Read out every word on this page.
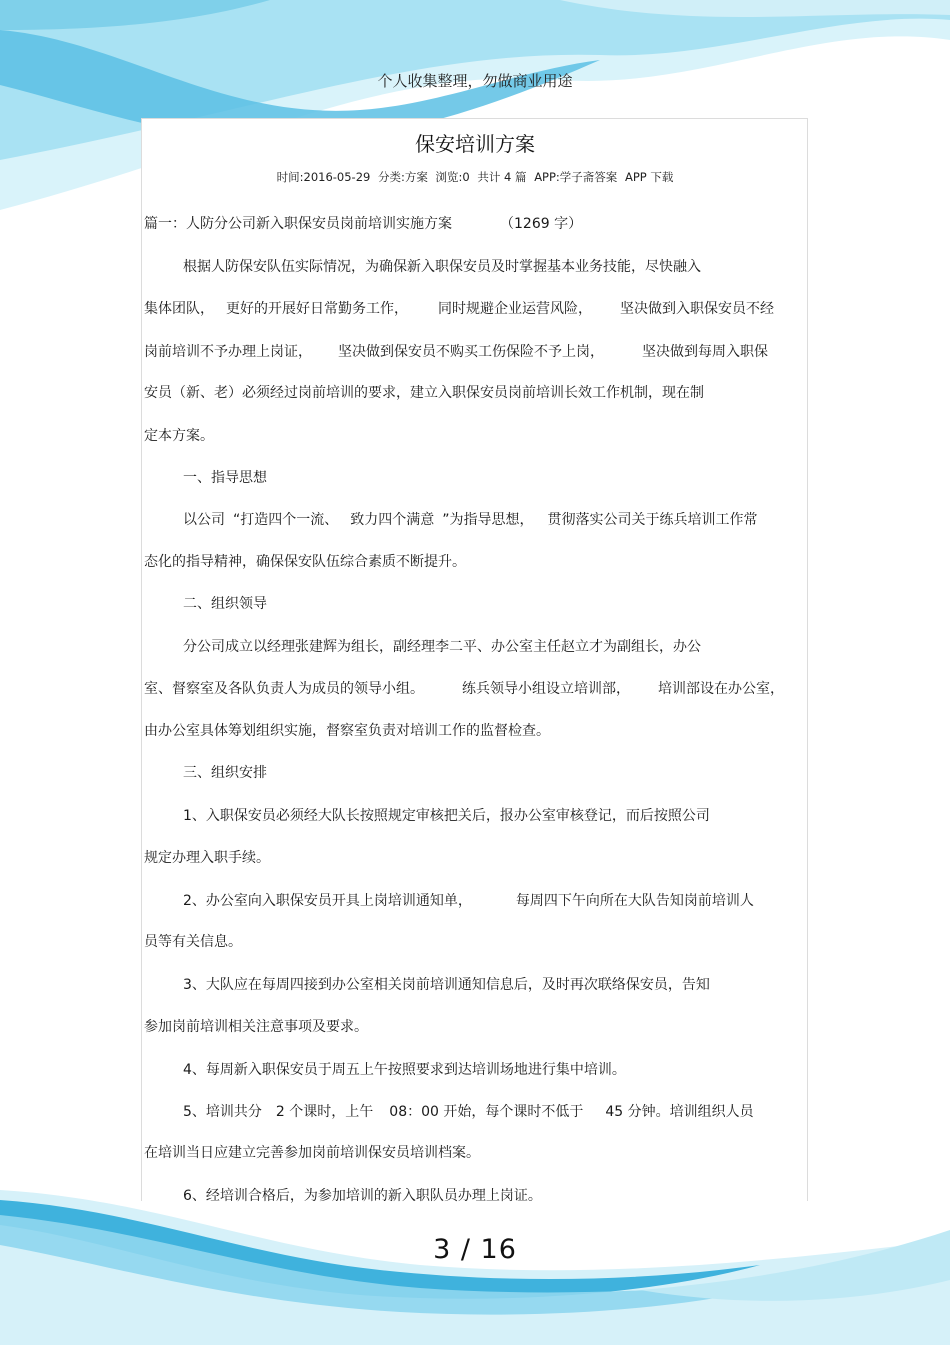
个人收集整理，勿做商业用途
保安培训方案
时间:2016-05-29 分类:方案 浏览:0 共计 4 篇 APP:学子斋答案 APP 下载
篇一：人防分公司新入职保安员岗前培训实施方案	（1269 字）
根据人防保安队伍实际情况，为确保新入职保安员及时掌握基本业务技能，尽快融入
集体团队， 更好的开展好日常勤务工作， 同时规避企业运营风险， 坚决做到入职保安员不经
岗前培训不予办理上岗证， 坚决做到保安员不购买工伤保险不予上岗，	坚决做到每周入职保
安员（新、老）必须经过岗前培训的要求，建立入职保安员岗前培训长效工作机制，现在制
定本方案。
一、指导思想
以公司 “打造四个一流、 致力四个满意 ”为指导思想， 贯彻落实公司关于练兵培训工作常
态化的指导精神，确保保安队伍综合素质不断提升。
二、组织领导
分公司成立以经理张建辉为组长，副经理李二平、办公室主任赵立才为副组长，办公
室、督察室及各队负责人为成员的领导小组。	练兵领导小组设立培训部， 培训部设在办公室，
由办公室具体筹划组织实施，督察室负责对培训工作的监督检查。
三、组织安排
1、入职保安员必须经大队长按照规定审核把关后，报办公室审核登记，而后按照公司
规定办理入职手续。
2、办公室向入职保安员开具上岗培训通知单，	每周四下午向所在大队告知岗前培训人
员等有关信息。
3、大队应在每周四接到办公室相关岗前培训通知信息后，及时再次联络保安员，告知
参加岗前培训相关注意事项及要求。
4、每周新入职保安员于周五上午按照要求到达培训场地进行集中培训。
5、培训共分 2 个课时，上午 08：00 开始，每个课时不低于 45 分钟。培训组织人员
在培训当日应建立完善参加岗前培训保安员培训档案。
6、经培训合格后，为参加培训的新入职队员办理上岗证。
3 / 16
